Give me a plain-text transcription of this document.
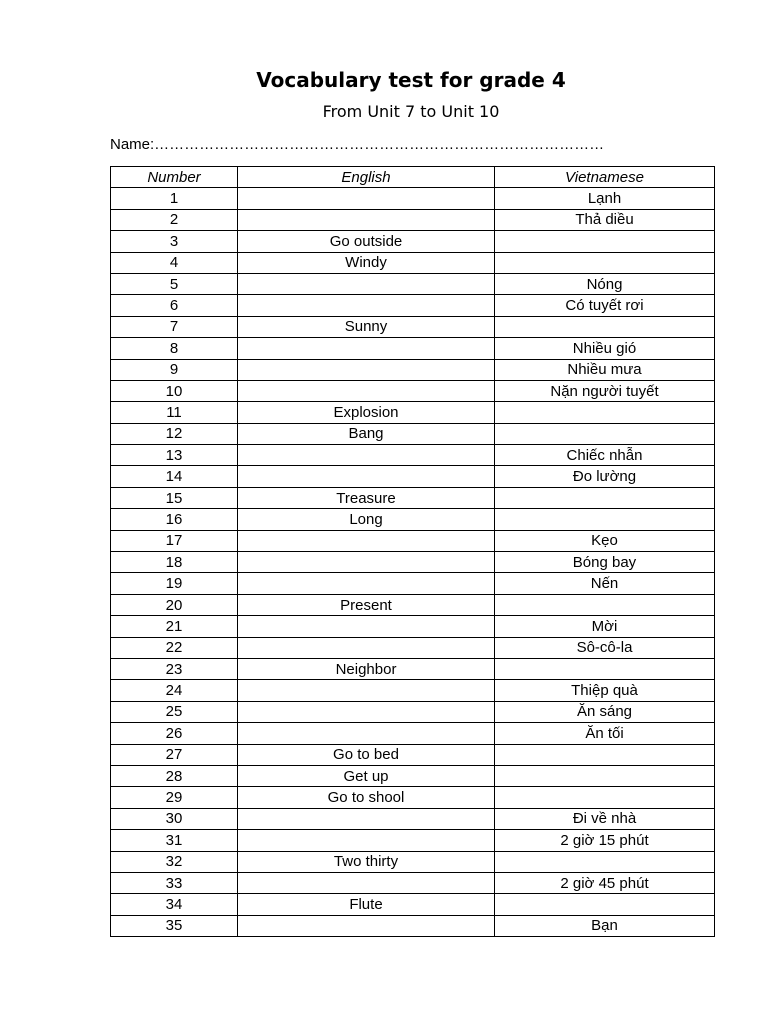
Vocabulary test for grade 4
From Unit 7 to Unit 10
Name:………………………………………………………………………………
Number	English	Vietnamese
1		Lạnh
2		Thả diều
3	Go outside	
4	Windy	
5		Nóng
6		Có tuyết rơi
7	Sunny	
8		Nhiều gió
9		Nhiều mưa
10		Nặn người tuyết
11	Explosion	
12	Bang	
13		Chiếc nhẫn
14		Đo lường
15	Treasure	
16	Long	
17		Kẹo
18		Bóng bay
19		Nến
20	Present	
21		Mời
22		Sô-cô-la
23	Neighbor	
24		Thiệp quà
25		Ăn sáng
26		Ăn tối
27	Go to bed	
28	Get up	
29	Go to shool	
30		Đi về nhà
31		2 giờ 15 phút
32	Two thirty	
33		2 giờ 45 phút
34	Flute	
35		Bạn
